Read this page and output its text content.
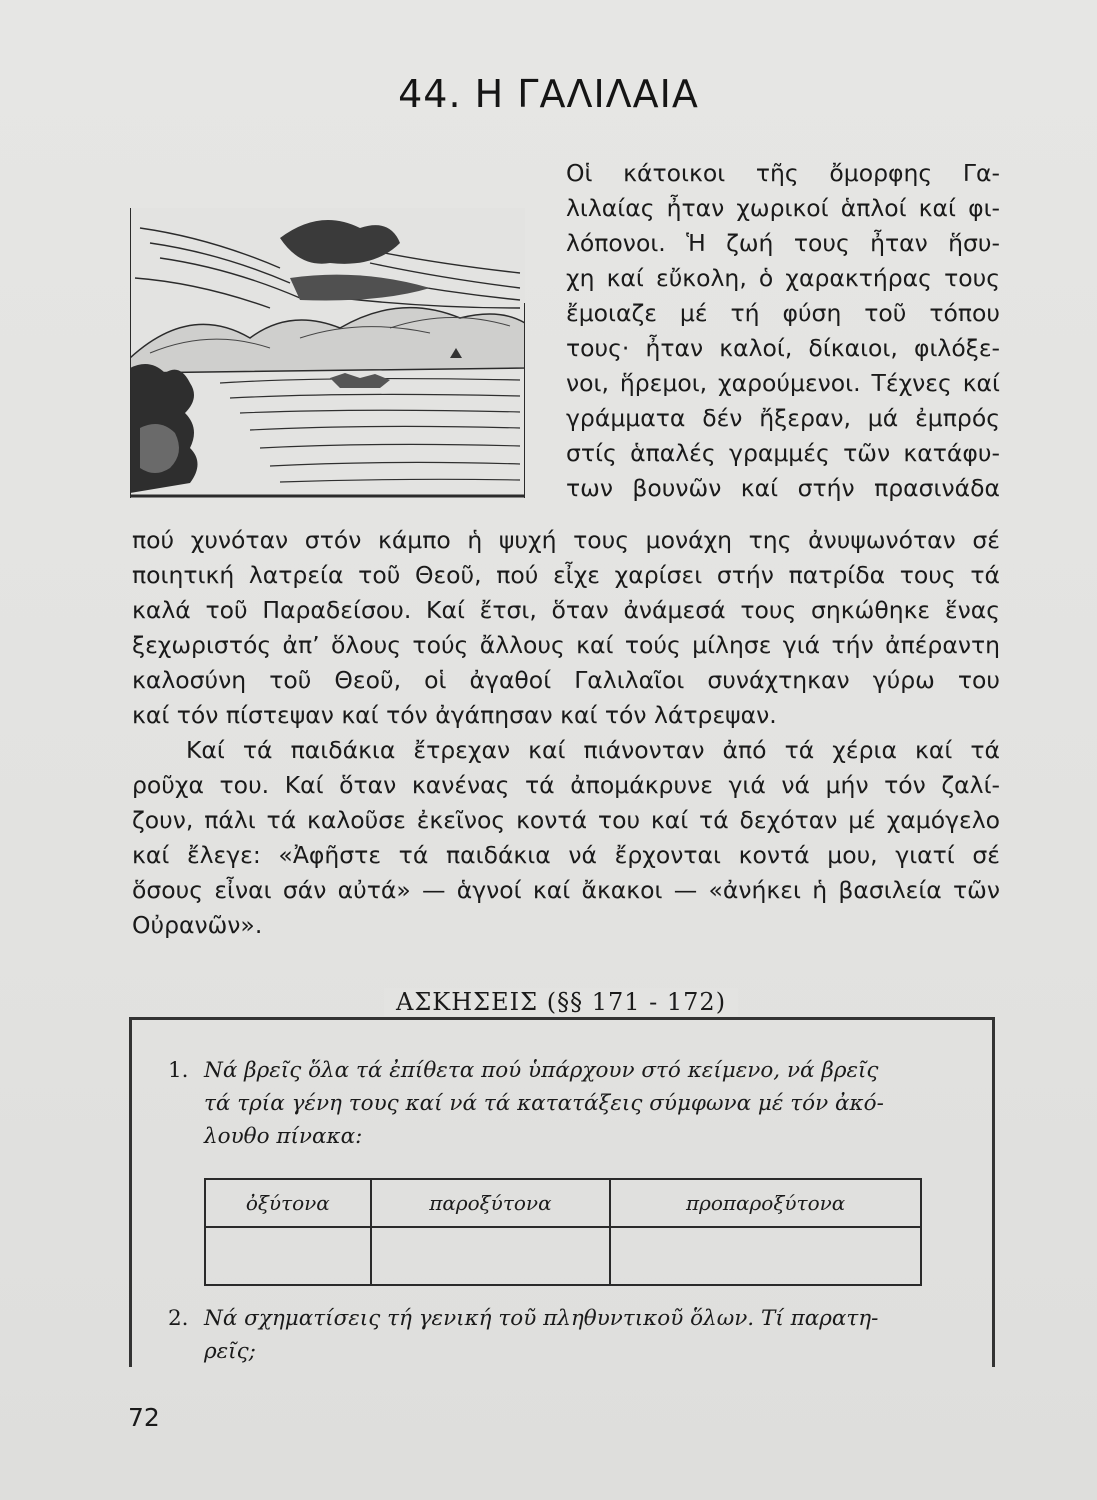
44. Η ΓΑΛΙΛΑΙΑ
Οἱ κάτοικοι τῆς ὄμορφης Γα-
λιλαίας ἦταν χωρικοί ἁπλοί καί φι-
λόπονοι. Ἡ ζωή τους ἦταν ἥσυ-
χη καί εὔκολη, ὁ χαρακτήρας τους
ἔμοιαζε μέ τή φύση τοῦ τόπου
τους· ἦταν καλοί, δίκαιοι, φιλόξε-
νοι, ἥρεμοι, χαρούμενοι. Τέχνες καί
γράμματα δέν ἤξεραν, μά ἐμπρός
στίς ἁπαλές γραμμές τῶν κατάφυ-
των βουνῶν καί στήν πρασινάδα
πού χυνόταν στόν κάμπο ἡ ψυχή τους μονάχη της ἀνυψωνόταν σέ
ποιητική λατρεία τοῦ Θεοῦ, πού εἶχε χαρίσει στήν πατρίδα τους τά
καλά τοῦ Παραδείσου. Καί ἔτσι, ὅταν ἀνάμεσά τους σηκώθηκε ἕνας
ξεχωριστός ἀπ’ ὅλους τούς ἄλλους καί τούς μίλησε γιά τήν ἀπέραντη
καλοσύνη τοῦ Θεοῦ, οἱ ἀγαθοί Γαλιλαῖοι συνάχτηκαν γύρω του
καί τόν πίστεψαν καί τόν ἀγάπησαν καί τόν λάτρεψαν.
Καί τά παιδάκια ἔτρεχαν καί πιάνονταν ἀπό τά χέρια καί τά
ροῦχα του. Καί ὅταν κανένας τά ἀπομάκρυνε γιά νά μήν τόν ζαλί-
ζουν, πάλι τά καλοῦσε ἐκεῖνος κοντά του καί τά δεχόταν μέ χαμόγελο
καί ἔλεγε: «Ἀφῆστε τά παιδάκια νά ἔρχονται κοντά μου, γιατί σέ
ὅσους εἶναι σάν αὐτά» — ἁγνοί καί ἄκακοι — «ἀνήκει ἡ βασιλεία τῶν
Οὐρανῶν».
ΑΣΚΗΣΕΙΣ (§§ 171 - 172)
1. Νά βρεῖς ὅλα τά ἐπίθετα πού ὑπάρχουν στό κείμενο, νά βρεῖς
τά τρία γένη τους καί νά τά κατατάξεις σύμφωνα μέ τόν ἀκό-
λουθο πίνακα:
ὀξύτονα	παροξύτονα	προπαροξύτονα

2. Νά σχηματίσεις τή γενική τοῦ πληθυντικοῦ ὅλων. Τί παρατη-
ρεῖς;
72
